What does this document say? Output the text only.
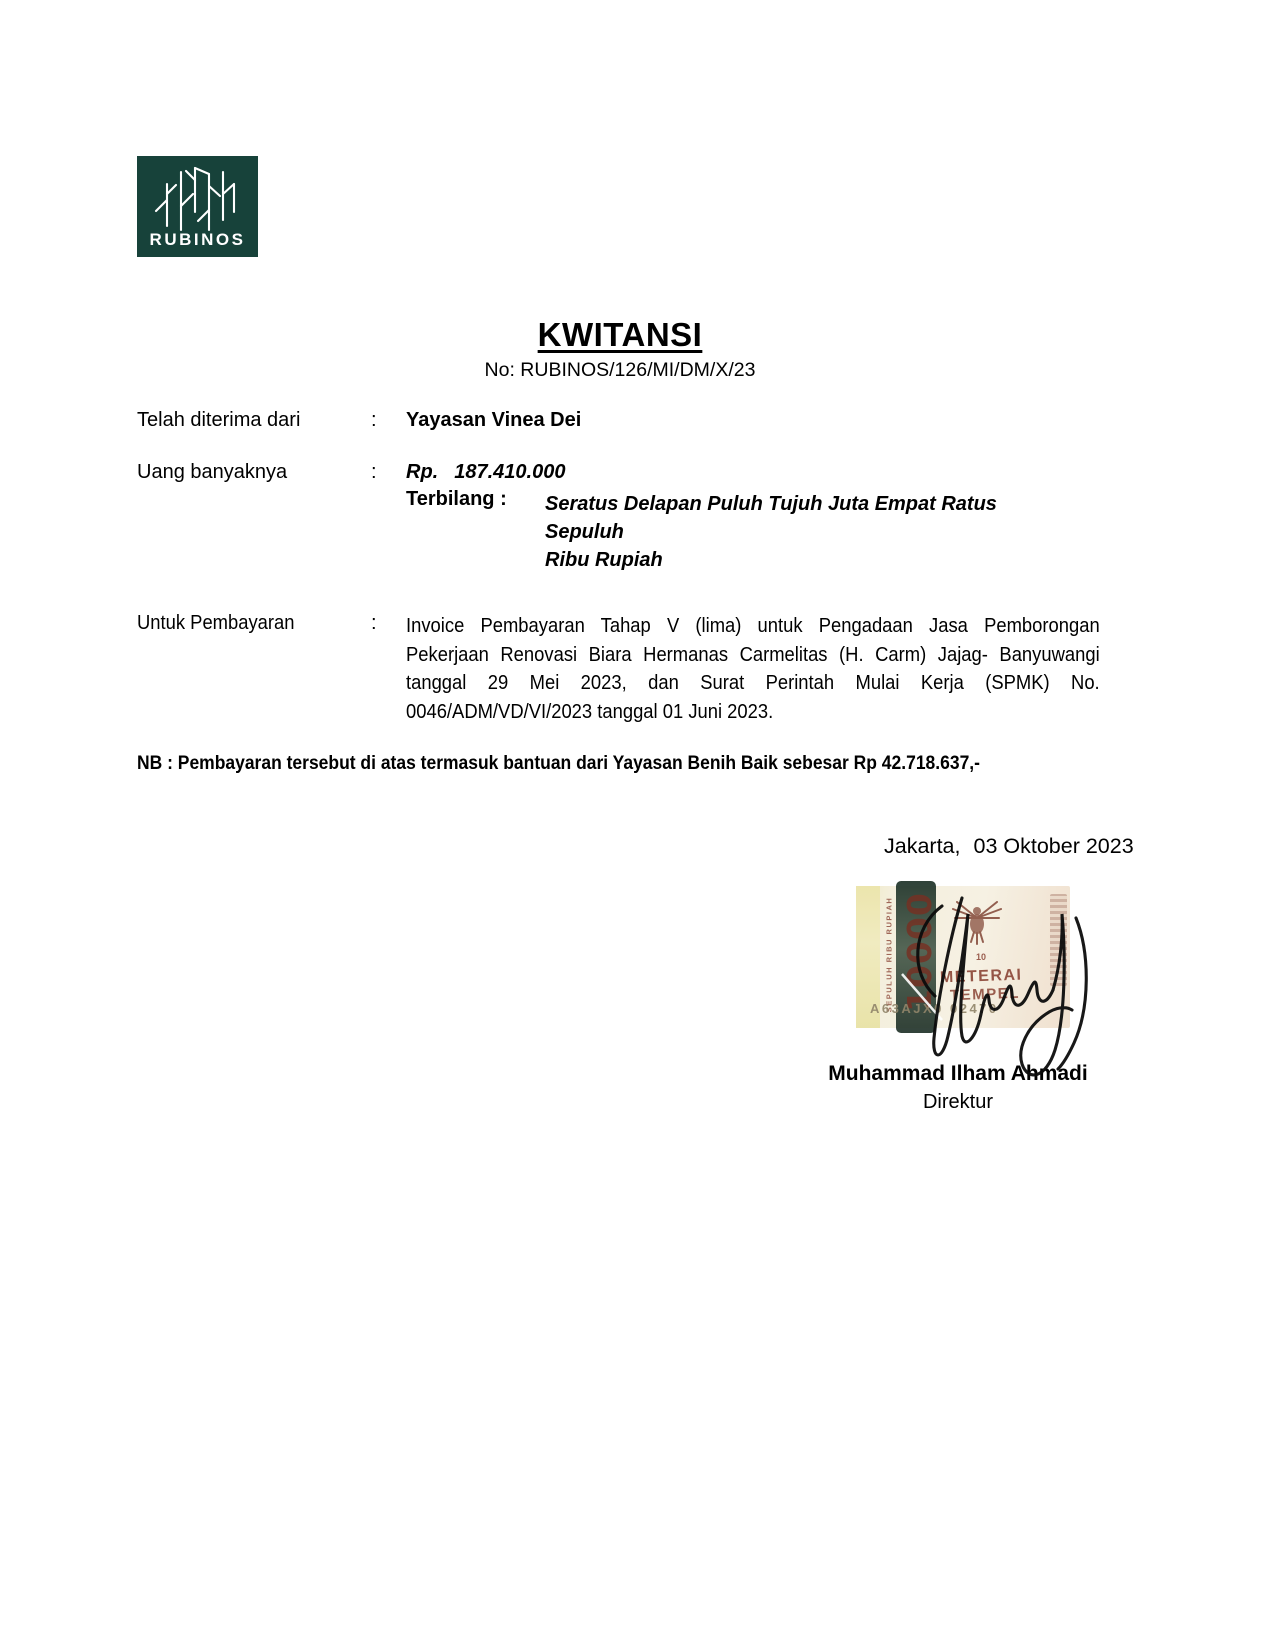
RUBINOS
KWITANSI
No: RUBINOS/126/MI/DM/X/23
Telah diterima dari	: Yayasan Vinea Dei
Uang banyaknya	: Rp. 187.410.000
Terbilang : Seratus Delapan Puluh Tujuh Juta Empat Ratus Sepuluh
Ribu Rupiah
Untuk Pembayaran	: Invoice Pembayaran Tahap V (lima) untuk Pengadaan Jasa Pemborongan
Pekerjaan Renovasi Biara Hermanas Carmelitas (H. Carm) Jajag- Banyuwangi
tanggal 29 Mei 2023, dan Surat Perintah Mulai Kerja (SPMK) No.
0046/ADM/VD/VI/2023 tanggal 01 Juni 2023.
NB : Pembayaran tersebut di atas termasuk bantuan dari Yayasan Benih Baik sebesar Rp 42.718.637,-
Jakarta, 03 Oktober 2023
SEPULUH RIBU RUPIAH 10000	10
METERAI
TEMPEL
A63AJX0 02470
Muhammad Ilham Ahmadi
Direktur
